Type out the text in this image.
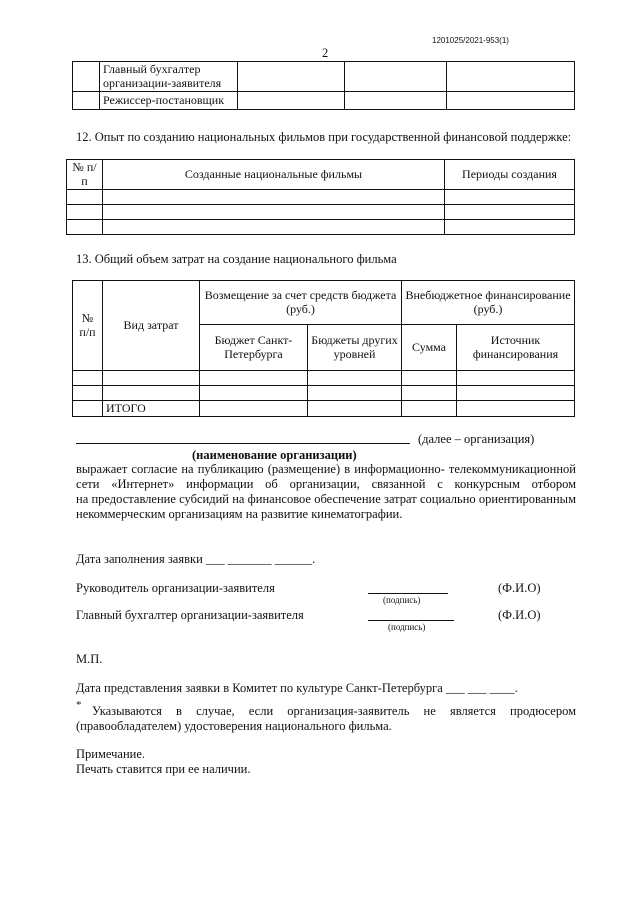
1201025/2021-953(1)
2
	Главный бухгалтер организации-заявителя			
	Режиссер-постановщик			
12. Опыт по созданию национальных фильмов при государственной финансовой поддержке:
№ п/п	Созданные национальные фильмы	Периоды создания

13. Общий объем затрат на создание национального фильма
№ п/п	Вид затрат	Возмещение за счет средств бюджета (руб.)		Внебюджетное финансирование (руб.)	
		Бюджет Санкт-Петербурга	Бюджеты других уровней	Сумма	Источник финансирования

	ИТОГО				
(далее – организация)
(наименование организации)
выражает согласие на публикацию (размещение) в информационно- телекоммуникационной
сети «Интернет» информации об организации, связанной с конкурсным отбором
на предоставление субсидий на финансовое обеспечение затрат социально ориентированным
некоммерческим организациям на развитие кинематографии.
Дата заполнения заявки ___ _______ ______.
Руководитель организации-заявителя
(подпись)
(Ф.И.О)
Главный бухгалтер организации-заявителя
(подпись)
(Ф.И.О)
М.П.
Дата представления заявки в Комитет по культуре Санкт-Петербурга ___ ___ ____.
* Указываются в случае, если организация-заявитель не является продюсером
(правообладателем) удостоверения национального фильма.
Примечание.
Печать ставится при ее наличии.
